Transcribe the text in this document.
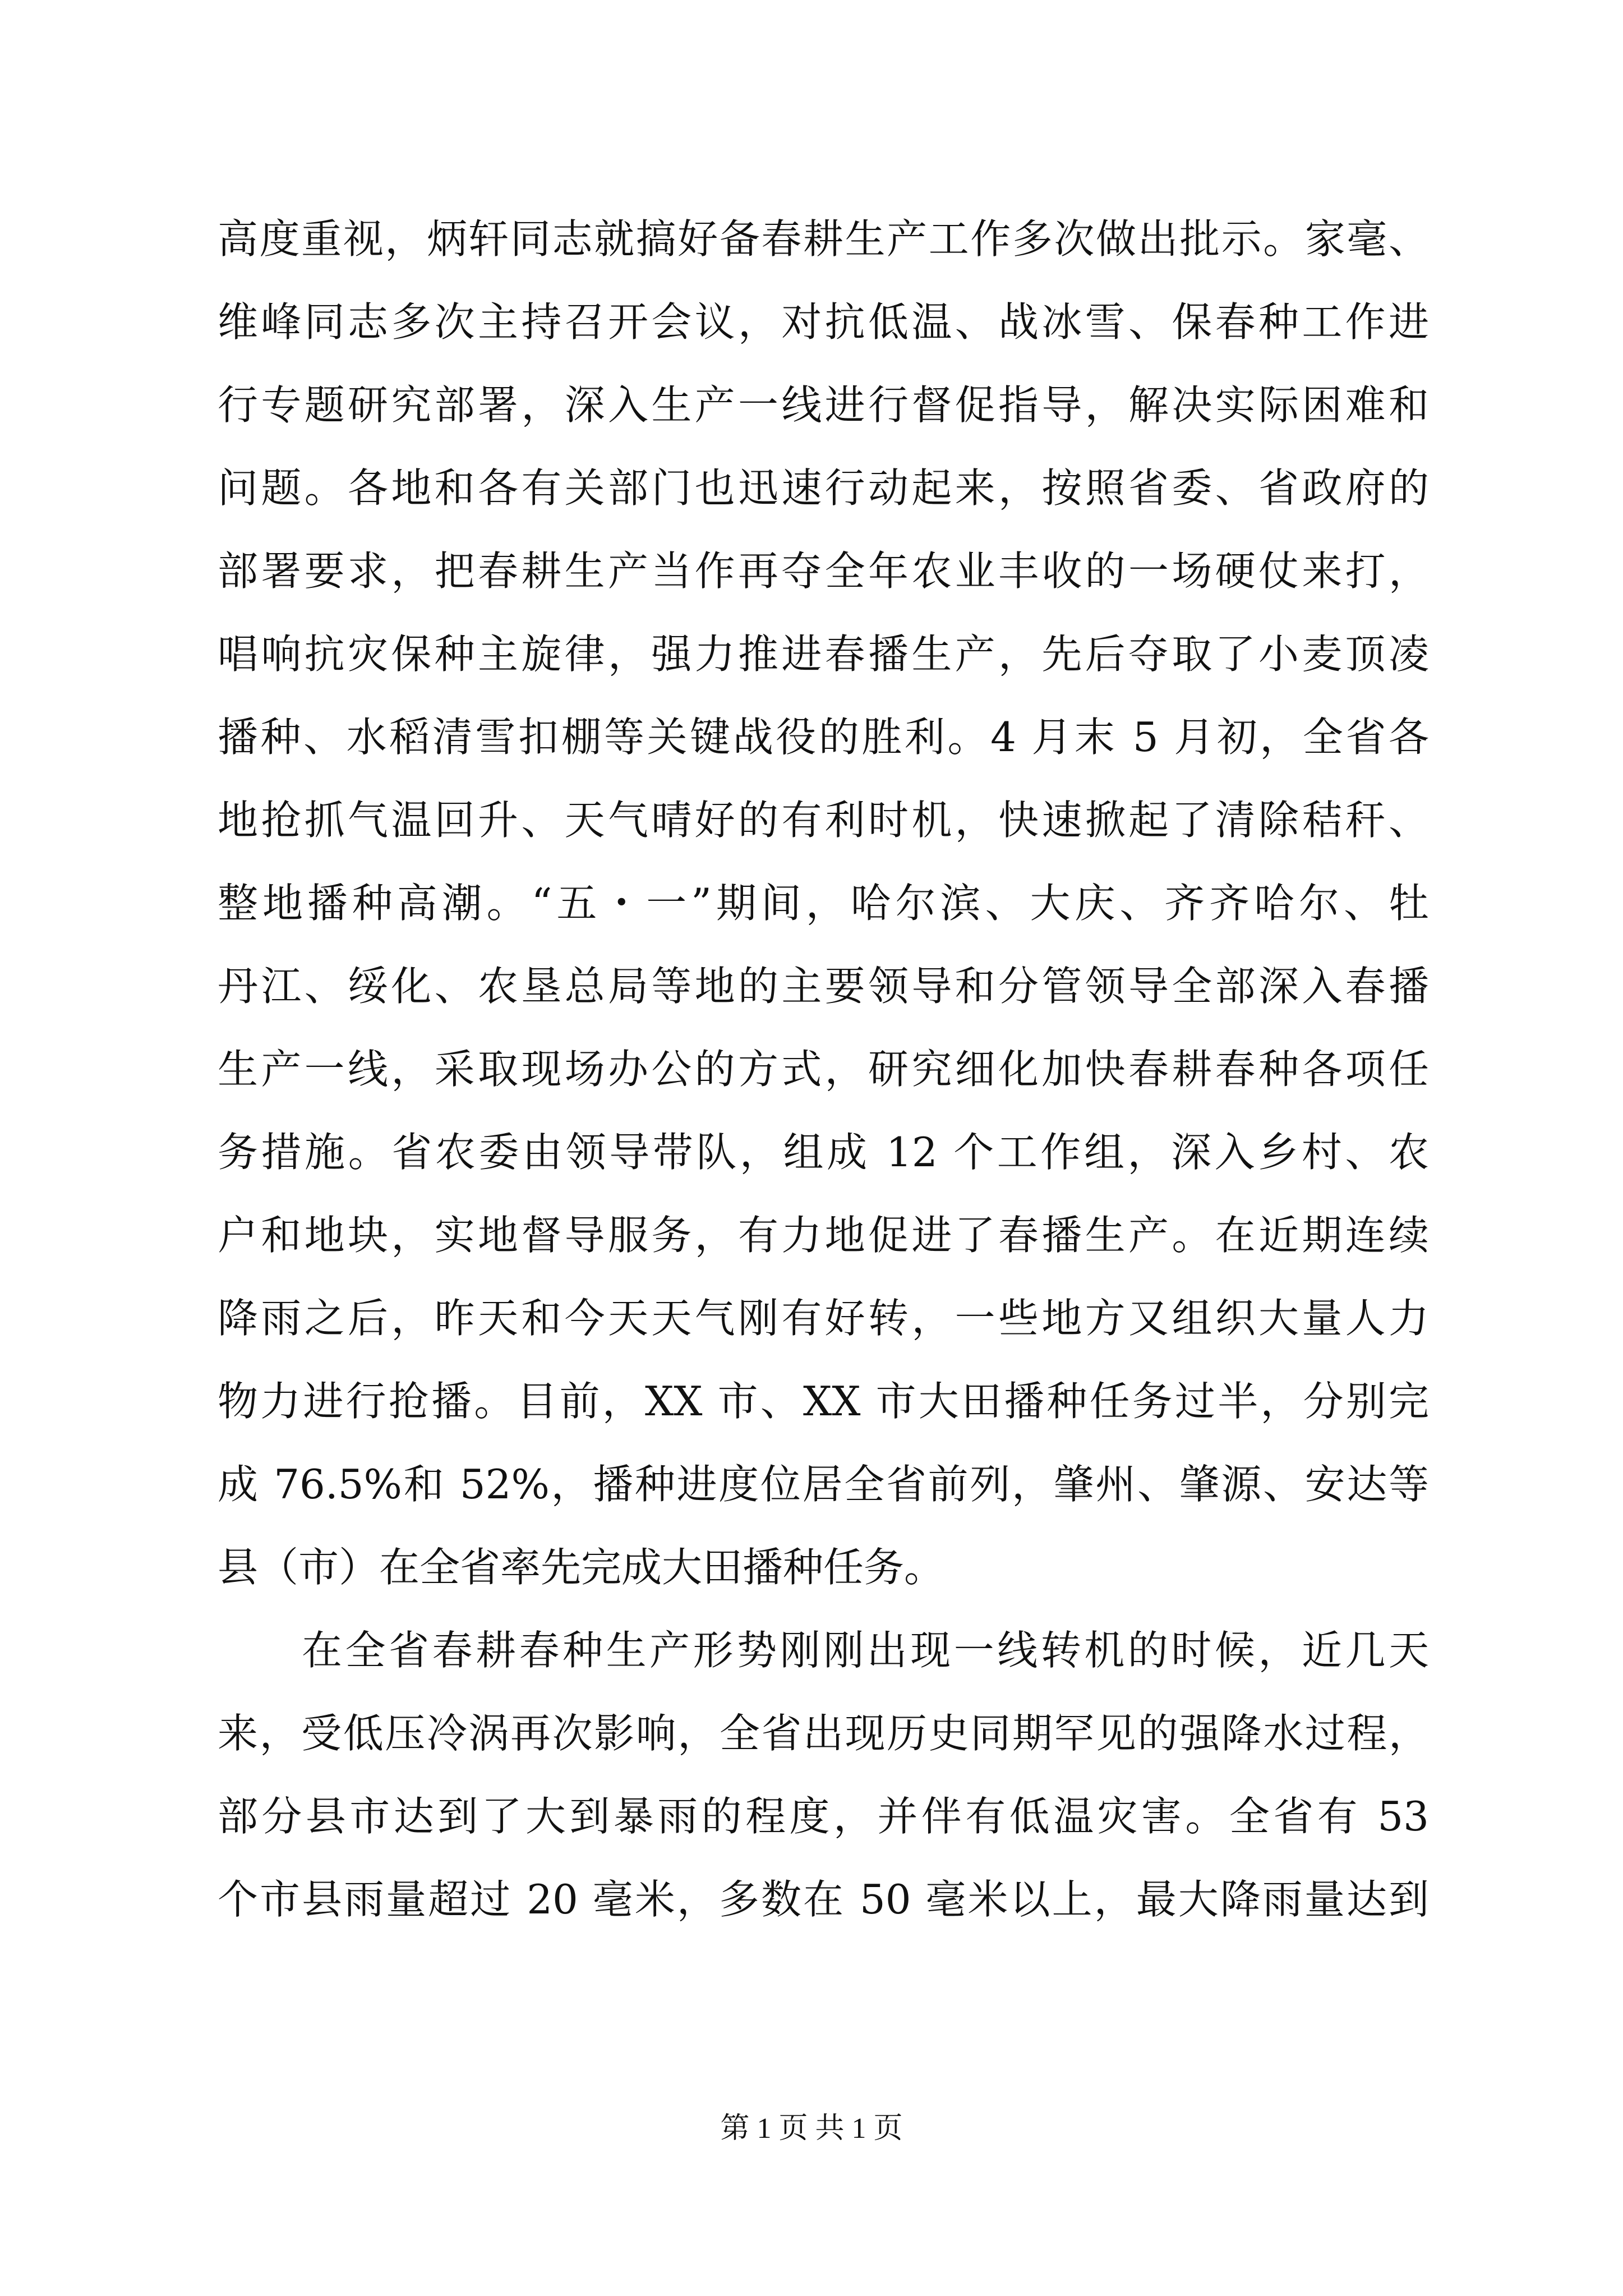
高度重视，炳轩同志就搞好备春耕生产工作多次做出批示。家毫、
维峰同志多次主持召开会议，对抗低温、战冰雪、保春种工作进
行专题研究部署，深入生产一线进行督促指导，解决实际困难和
问题。各地和各有关部门也迅速行动起来，按照省委、省政府的
部署要求，把春耕生产当作再夺全年农业丰收的一场硬仗来打，
唱响抗灾保种主旋律，强力推进春播生产，先后夺取了小麦顶凌
播种、水稻清雪扣棚等关键战役的胜利。4 月末 5 月初，全省各
地抢抓气温回升、天气晴好的有利时机，快速掀起了清除秸秆、
整地播种高潮。“五・一”期间，哈尔滨、大庆、齐齐哈尔、牡
丹江、绥化、农垦总局等地的主要领导和分管领导全部深入春播
生产一线，采取现场办公的方式，研究细化加快春耕春种各项任
务措施。省农委由领导带队，组成 12 个工作组，深入乡村、农
户和地块，实地督导服务，有力地促进了春播生产。在近期连续
降雨之后，昨天和今天天气刚有好转，一些地方又组织大量人力
物力进行抢播。目前，XX 市、XX 市大田播种任务过半，分别完
成 76.5%和 52%，播种进度位居全省前列，肇州、肇源、安达等
县（市）在全省率先完成大田播种任务。
在全省春耕春种生产形势刚刚出现一线转机的时候，近几天
来，受低压冷涡再次影响，全省出现历史同期罕见的强降水过程，
部分县市达到了大到暴雨的程度，并伴有低温灾害。全省有 53
个市县雨量超过 20 毫米，多数在 50 毫米以上，最大降雨量达到
第 1 页 共 1 页
